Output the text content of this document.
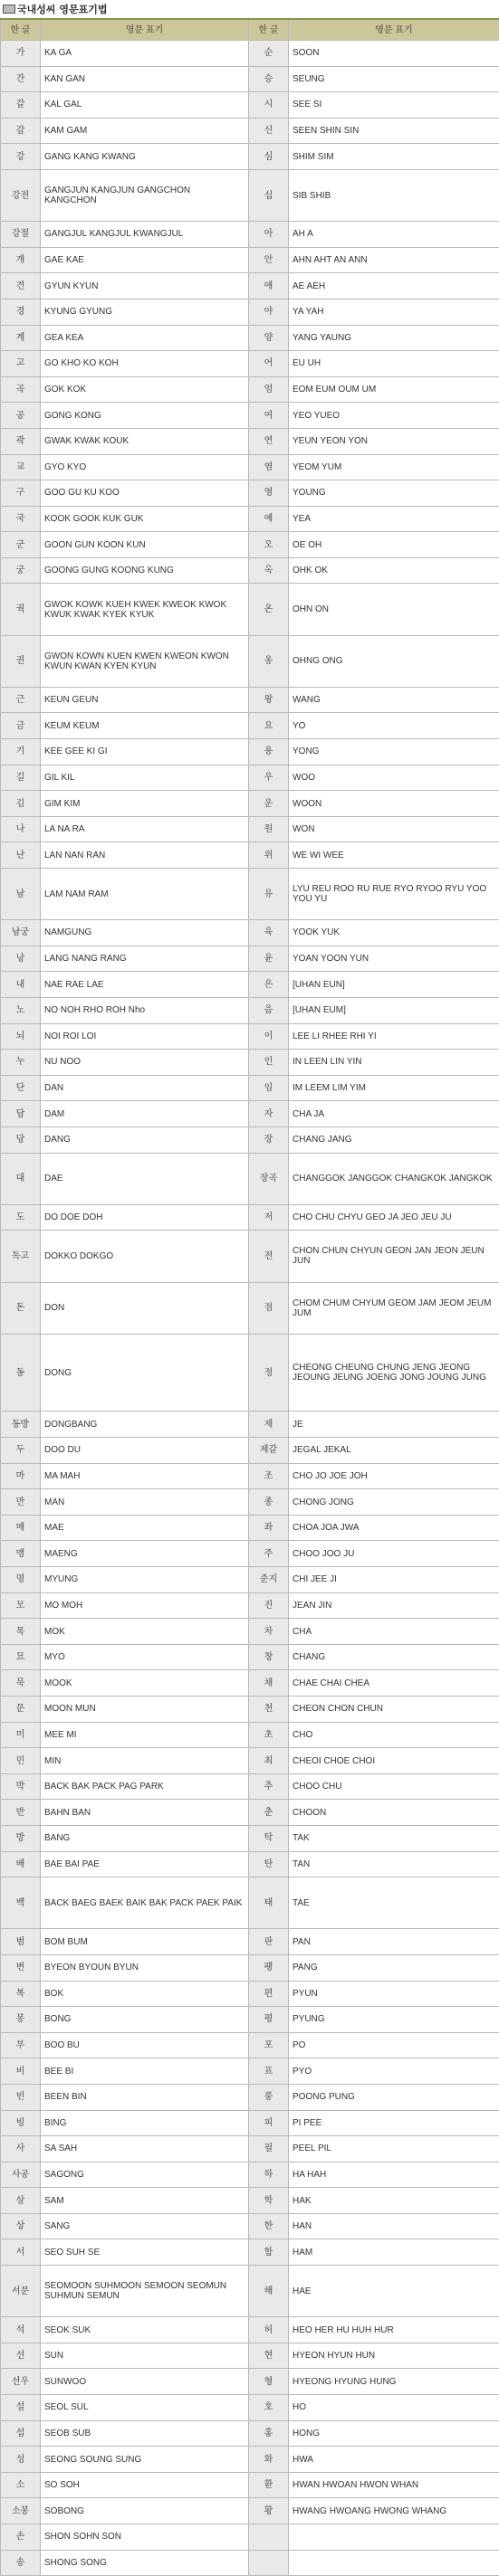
국내성씨 영문표기법
한 글	영문 표기	한 글	영문 표기
가	KA GA	순	SOON
간	KAN GAN	승	SEUNG
갈	KAL GAL	시	SEE SI
감	KAM GAM	신	SEEN SHIN SIN
강	GANG KANG KWANG	심	SHIM SIM
강전	GANGJUN KANGJUN GANGCHON KANGCHON	십	SIB SHIB
강절	GANGJUL KANGJUL KWANGJUL	아	AH A
개	GAE KAE	안	AHN AHT AN ANN
견	GYUN KYUN	애	AE AEH
경	KYUNG GYUNG	야	YA YAH
계	GEA KEA	양	YANG YAUNG
고	GO KHO KO KOH	어	EU UH
곡	GOK KOK	엄	EOM EUM OUM UM
공	GONG KONG	여	YEO YUEO
곽	GWAK KWAK KOUK	연	YEUN YEON YON
교	GYO KYO	염	YEOM YUM
구	GOO GU KU KOO	영	YOUNG
국	KOOK GOOK KUK GUK	예	YEA
군	GOON GUN KOON KUN	오	OE OH
궁	GOONG GUNG KOONG KUNG	옥	OHK OK
궉	GWOK KOWK KUEH KWEK KWEOK KWOK KWUK KWAK KYEK KYUK	온	OHN ON
권	GWON KOWN KUEN KWEN KWEON KWON KWUN KWAN KYEN KYUN	옹	OHNG ONG
근	KEUN GEUN	왕	WANG
금	KEUM KEUM	요	YO
기	KEE GEE KI GI	용	YONG
길	GIL KIL	우	WOO
김	GIM KIM	운	WOON
나	LA NA RA	원	WON
난	LAN NAN RAN	위	WE WI WEE
남	LAM NAM RAM	유	LYU REU ROO RU RUE RYO RYOO RYU YOO YOU YU
남궁	NAMGUNG	육	YOOK YUK
낭	LANG NANG RANG	윤	YOAN YOON YUN
내	NAE RAE LAE	은	[UHAN EUN]
노	NO NOH RHO ROH Nho	음	[UHAN EUM]
뇌	NOI ROI LOI	이	LEE LI RHEE RHI YI
누	NU NOO	인	IN LEEN LIN YIN
단	DAN	임	IM LEEM LIM YIM
담	DAM	자	CHA JA
당	DANG	장	CHANG JANG
대	DAE	장곡	CHANGGOK JANGGOK CHANGKOK JANGKOK
도	DO DOE DOH	저	CHO CHU CHYU GEO JA JEO JEU JU
독고	DOKKO DOKGO	전	CHON CHUN CHYUN GEON JAN JEON JEUN JUN
돈	DON	점	CHOM CHUM CHYUM GEOM JAM JEOM JEUM JUM
동	DONG	정	CHEONG CHEUNG CHUNG JENG JEONG JEOUNG JEUNG JOENG JONG JOUNG JUNG
동방	DONGBANG	제	JE
두	DOO DU	제갈	JEGAL JEKAL
마	MA MAH	조	CHO JO JOE JOH
만	MAN	종	CHONG JONG
매	MAE	좌	CHOA JOA JWA
맹	MAENG	주	CHOO JOO JU
명	MYUNG	준지	CHI JEE JI
모	MO MOH	진	JEAN JIN
목	MOK	차	CHA
묘	MYO	창	CHANG
묵	MOOK	채	CHAE CHAI CHEA
문	MOON MUN	천	CHEON CHON CHUN
미	MEE MI	초	CHO
민	MIN	최	CHEOI CHOE CHOI
박	BACK BAK PACK PAG PARK	추	CHOO CHU
반	BAHN BAN	춘	CHOON
방	BANG	탁	TAK
배	BAE BAI PAE	탄	TAN
백	BACK BAEG BAEK BAIK BAK PACK PAEK PAIK	태	TAE
범	BOM BUM	판	PAN
변	BYEON BYOUN BYUN	팽	PANG
복	BOK	편	PYUN
봉	BONG	평	PYUNG
부	BOO BU	포	PO
비	BEE BI	표	PYO
빈	BEEN BIN	풍	POONG PUNG
빙	BING	피	PI PEE
사	SA SAH	필	PEEL PIL
사공	SAGONG	하	HA HAH
삼	SAM	학	HAK
상	SANG	한	HAN
서	SEO SUH SE	함	HAM
서문	SEOMOON SUHMOON SEMOON SEOMUN SUHMUN SEMUN	해	HAE
석	SEOK SUK	허	HEO HER HU HUH HUR
선	SUN	현	HYEON HYUN HUN
선우	SUNWOO	형	HYEONG HYUNG HUNG
설	SEOL SUL	호	HO
섭	SEOB SUB	홍	HONG
성	SEONG SOUNG SUNG	화	HWA
소	SO SOH	환	HWAN HWOAN HWON WHAN
소봉	SOBONG	황	HWANG HWOANG HWONG WHANG
손	SHON SOHN SON		
송	SHONG SONG		
